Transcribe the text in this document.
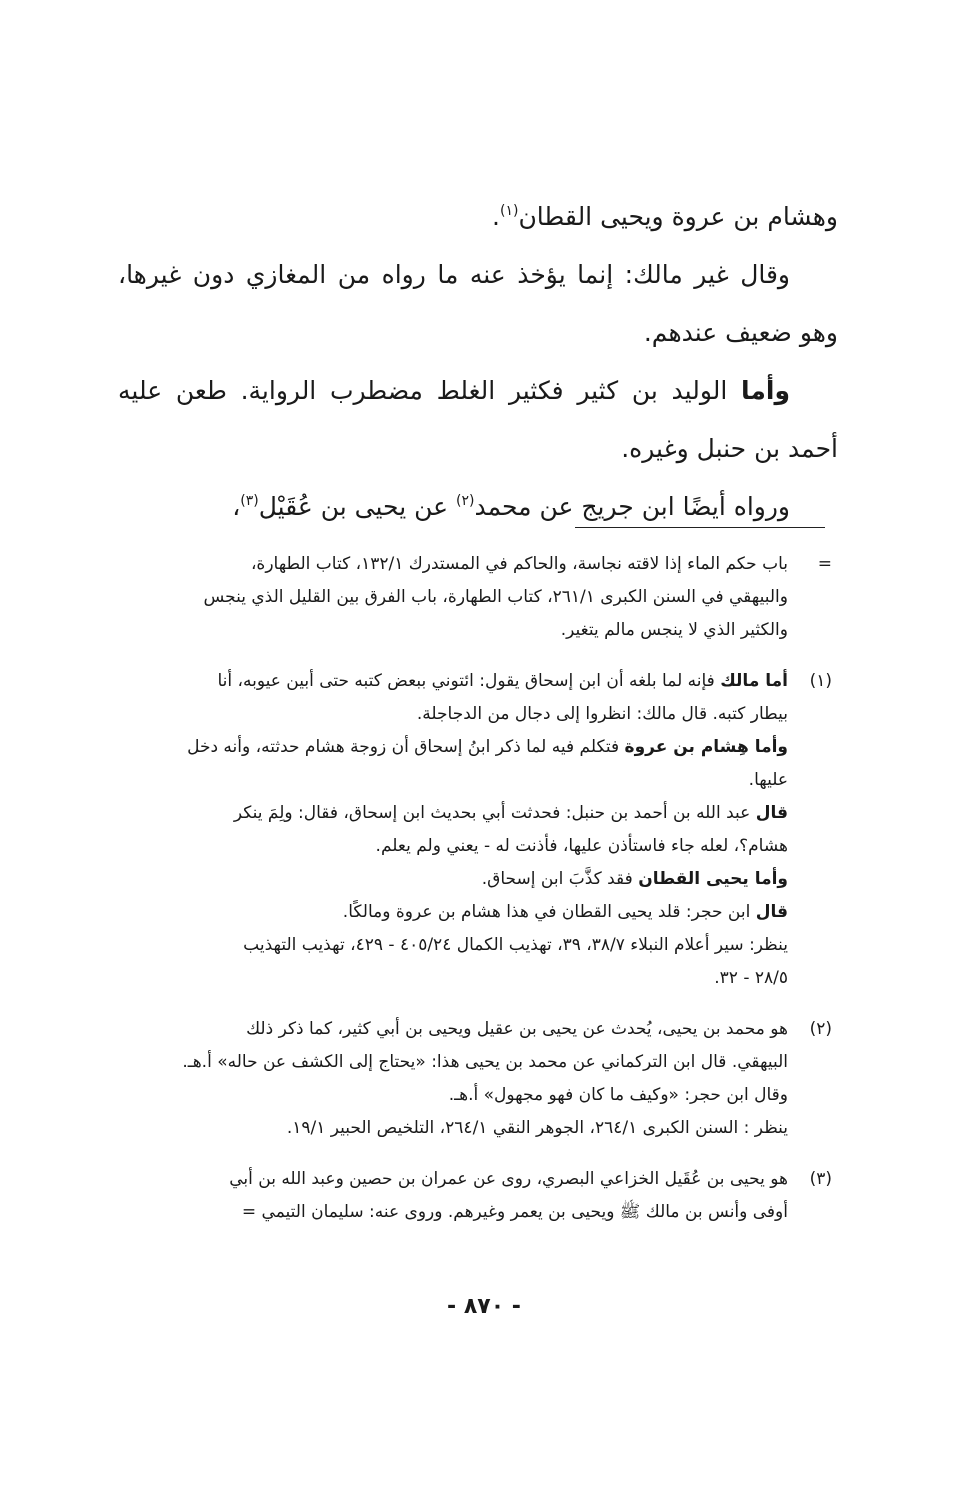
وهشام بن عروة ويحيى القطان$^{(١)}$.

وقال غير مالك: إنما يؤخذ عنه ما رواه من المغازي دون غيرها، وهو ضعيف عندهم.

وأما الوليد بن كثير فكثير الغلط مضطرب الرواية. طعن عليه أحمد بن حنبل وغيره.

ورواه أيضًا ابن جريج عن محمد$^{(٢)}$ عن يحيى بن عُقَيْل$^{(٣)}$،

=

باب حكم الماء إذا لاقته نجاسة، والحاكم في المستدرك ١٣٢/١، كتاب الطهارة،

والبيهقي في السنن الكبرى ٢٦١/١، كتاب الطهارة، باب الفرق بين القليل الذي ينجس

والكثير الذي لا ينجس مالم يتغير.

(١)

أما مالك فإنه لما بلغه أن ابن إسحاق يقول: ائتوني ببعض كتبه حتى أبين عيوبه، أنا

بيطار كتبه. قال مالك: انظروا إلى دجال من الدجاجلة.

وأما هِشام بن عروة فتكلم فيه لما ذكر ابنُ إسحاق أن زوجة هشام حدثته، وأنه دخل

عليها.

قال عبد الله بن أحمد بن حنبل: فحدثت أبي بحديث ابن إسحاق، فقال: ولِمَ ينكر

هشام؟، لعله جاء فاستأذن عليها، فأذنت له - يعني ولم يعلم.

وأما يحيى القطان فقد كذَّبَ ابن إسحاق.

قال ابن حجر: قلد يحيى القطان في هذا هشام بن عروة ومالكًا.

ينظر: سير أعلام النبلاء ٣٨/٧، ٣٩، تهذيب الكمال ٤٠٥/٢٤ - ٤٢٩، تهذيب التهذيب

٢٨/٥ - ٣٢.

(٢)

هو محمد بن يحيى، يُحدث عن يحيى بن عقيل ويحيى بن أبي كثير، كما ذكر ذلك

البيهقي. قال ابن التركماني عن محمد بن يحيى هذا: «يحتاج إلى الكشف عن حاله» أ.هـ.

وقال ابن حجر: «وكيف ما كان فهو مجهول» أ.هـ.

ينظر : السنن الكبرى ٢٦٤/١، الجوهر النقي ٢٦٤/١، التلخيص الحبير ١٩/١.

(٣)

هو يحيى بن عُقَيل الخزاعي البصري، روى عن عمران بن حصين وعبد الله بن أبي

أوفى وأنس بن مالك ﷺ ويحيى بن يعمر وغيرهم. وروى عنه: سليمان التيمي =

- ٨٧٠ -
